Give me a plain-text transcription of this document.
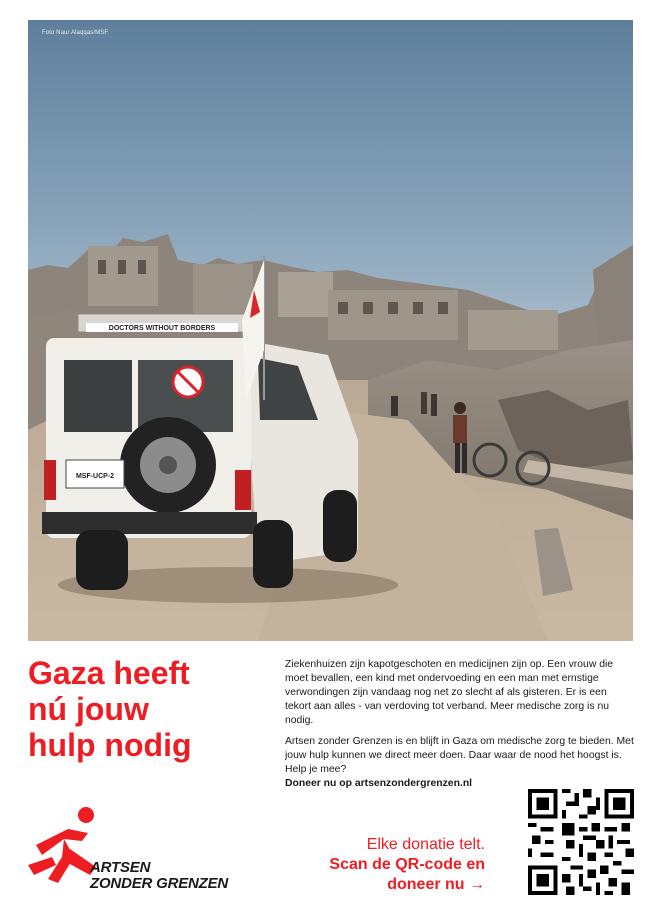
Foto Naur Alaqqas/MSF
DOCTORS WITHOUT BORDERS
MSF-UCP-2
Gaza heeft
nú jouw
hulp nodig

Ziekenhuizen zijn kapotgeschoten en medicijnen zijn op. Een vrouw die moet bevallen, een kind met ondervoeding en een man met ernstige verwondingen zijn vandaag nog net zo slecht af als gisteren. Er is een tekort aan alles - van verdoving tot verband. Meer medische zorg is nu nodig.

Artsen zonder Grenzen is en blijft in Gaza om medische zorg te bieden. Met jouw hulp kunnen we direct meer doen. Daar waar de nood het hoogst is. Help je mee?

Doneer nu op artsenzondergrenzen.nl

ARTSEN
ZONDER GRENZEN
Elke donatie telt.
Scan de QR-code en
doneer nu →
